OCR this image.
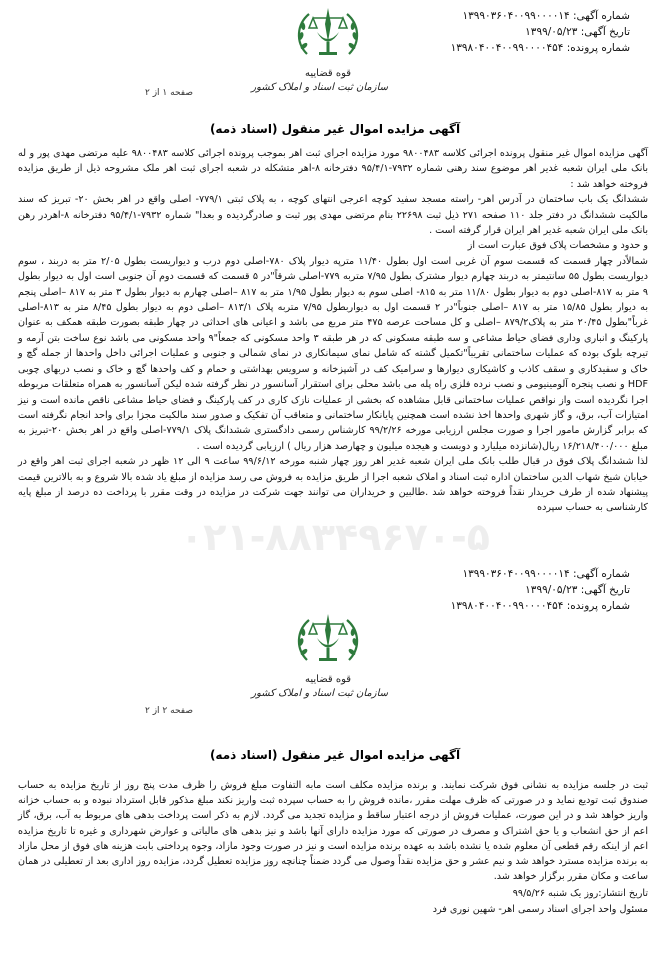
شماره آگهی: ۱۳۹۹۰۳۶۰۴۰۰۹۹۰۰۰۰۱۴
تاریخ آگهی: ۱۳۹۹/۰۵/۲۳
شماره پرونده: ۱۳۹۸۰۴۰۰۴۰۰۹۹۰۰۰۰۴۵۴
قوه قضاییه
سازمان ثبت اسناد و املاک کشور
صفحه ۱ از ۲
آگهی مزایده اموال غیر منقول (اسناد ذمه)
۰۲۱-۸۸۳۴۹۶۷۰-۵

آگهی مزایده اموال غیر منقول پرونده اجرائی کلاسه ۹۸۰۰۴۸۳ مورد مزایده اجرای ثبت اهر بموجب پرونده اجرائی کلاسه ۹۸۰۰۴۸۳ علیه مرتضی مهدی پور و له بانک ملی ایران شعبه غدیر اهر موضوع سند رهنی شماره ۷۹۳۲-۹۵/۴/۱ دفترخانه ۸-اهر متشکله در شعبه اجرای ثبت اهر ملک مشروحه ذیل از طریق مزایده فروخته خواهد شد :

ششدانگ یک باب ساختمان در آدرس اهر- راسته مسجد سفید کوچه اعرجی انتهای کوچه ، به پلاک ثبتی ۷۷۹/۱- اصلی واقع در اهر بخش ۲۰- تبریز که سند مالکیت ششدانگ در دفتر جلد ۱۱۰ صفحه ۲۷۱ ذیل ثبت ۲۲۶۹۸ بنام مرتضی مهدی پور ثبت و صادرگردیده و بعدا" شماره ۷۹۳۲-۹۵/۴/۱ دفترخانه ۸-اهردر رهن بانک ملی ایران شعبه غدیر اهر ایران قرار گرفته است .

و حدود و مشخصات پلاک فوق عبارت است از

شمالاًدر چهار قسمت که قسمت سوم آن غربی است اول بطول ۱۱/۴۰ مترپه دیوار پلاک ۷۸۰-اصلی دوم درب و دیواریست بطول ۲/۰۵ متر به دربند ، سوم دیواریست بطول ۵۵ سانتیمتر به دربند چهارم دیوار مشترک بطول ۷/۹۵ متربه ۷۷۹-اصلی شرقاً"در ۵ قسمت که قسمت دوم آن جنوبی است اول به دیوار بطول ۹ متر به ۸۱۷-اصلی دوم به دیوار بطول ۱۱/۸۰ متر به ۸۱۵- اصلی سوم به دیوار بطول ۱/۹۵ متر به ۸۱۷ –اصلی چهارم به دیوار بطول ۳ متر به ۸۱۷ –اصلی پنجم به دیوار بطول ۱۵/۸۵ متر به ۸۱۷ –اصلی جنوباً"در ۲ قسمت اول به دیواربطول ۷/۹۵ متربه پلاک ۸۱۳/۱ –اصلی دوم به دیوار بطول ۸/۴۵ متر به ۸۱۳-اصلی غرباً"بطول ۲۰/۴۵ متر به پلاک۸۷۹/۲ –اصلی و کل مساحت عرصه ۴۷۵ متر مربع می باشد و اعیانی های احداثی در چهار طبقه بصورت طبقه همکف به عنوان پارکینگ و انباری وداری فضای حیاط مشاعی و سه طبقه مسکونی که در هر طبقه ۳ واحد مسکونی که جمعاً"۹ واحد مسکونی می باشد نوع ساخت بتن آرمه و تیرچه بلوک بوده که عملیات ساختمانی تقریباً"تکمیل گشته که شامل نمای سیمانکاری در نمای شمالی و جنوبی و عملیات اجرائی داخل واحدها از جمله گچ و خاک و سفیدکاری و سقف کاذب و کاشیکاری دیوارها و سرامیک کف در آشپزخانه و سرویس بهداشتی و حمام و کف واحدها گچ و خاک و نصب دربهای چوبی HDF و نصب پنجره آلومینیومی و نصب نرده فلزی راه پله می باشد محلی برای استقرار آسانسور در نظر گرفته شده لیکن آسانسور به همراه متعلقات مربوطه اجرا نگردیده است واز نواقص عملیات ساختمانی قابل مشاهده که بخشی از عملیات نازک کاری در کف پارکینگ و فضای حیاط مشاعی ناقص مانده است و نیز امتیازات آب، برق، و گاز شهری واحدها اخذ نشده است همچنین پایانکار ساختمانی و متعاقب آن تفکیک و صدور سند مالکیت مجزا برای واحد انجام نگرفته است که برابر گزارش مامور اجرا و صورت مجلس ارزیابی مورخه ۹۹/۲/۲۶ کارشناس رسمی دادگستری ششدانگ پلاک ۷۷۹/۱-اصلی واقع در اهر بخش ۲۰-تبریز به مبلغ ۱۶/۲۱۸/۴۰۰/۰۰۰ ریال(شانزده میلیارد و دویست و هیجده میلیون و چهارصد هزار ریال ) ارزیابی گردیده است .

لذا ششدانگ پلاک فوق در قبال طلب بانک ملی ایران شعبه غدیر اهر روز چهار شنبه مورخه ۹۹/۶/۱۲ ساعت ۹ الی ۱۲ ظهر در شعبه اجرای ثبت اهر واقع در خیابان شیخ شهاب الدین ساختمان اداره ثبت اسناد و املاک شعبه اجرا از طریق مزایده به فروش می رسد مزایده از مبلغ یاد شده بالا شروع و به بالاترین قیمت پیشنهاد شده از طرف خریدار نقداً فروخته خواهد شد .طالبین و خریداران می توانند جهت شرکت در مزایده در وقت مقرر با پرداخت ده درصد از مبلغ پایه کارشناسی به حساب سپرده

شماره آگهی: ۱۳۹۹۰۳۶۰۴۰۰۹۹۰۰۰۰۱۴
تاریخ آگهی: ۱۳۹۹/۰۵/۲۳
شماره پرونده: ۱۳۹۸۰۴۰۰۴۰۰۹۹۰۰۰۰۴۵۴
قوه قضاییه
سازمان ثبت اسناد و املاک کشور
صفحه ۲ از ۲
آگهی مزایده اموال غیر منقول (اسناد ذمه)

ثبت در جلسه مزایده به نشانی فوق شرکت نمایند. و برنده مزایده مکلف است مابه التفاوت مبلغ فروش را ظرف مدت پنج روز از تاریخ مزایده به حساب صندوق ثبت تودیع نماید و در صورتی که ظرف مهلت مقرر ،مانده فروش را به حساب سپرده ثبت واریز نکند مبلغ مذکور قابل استرداد نبوده و به حساب خزانه واریز خواهد شد و در این صورت، عملیات فروش از درجه اعتبار ساقط و مزایده تجدید می گردد. لازم به ذکر است پرداخت بدهی های مربوط به آب، برق، گاز اعم از حق انشعاب و یا حق اشتراک و مصرف در صورتی که مورد مزایده دارای آنها باشد و نیز بدهی های مالیاتی و عوارض شهرداری و غیره تا تاریخ مزایده اعم از اینکه رقم قطعی آن معلوم شده یا نشده باشد به عهده برنده مزایده است و نیز در صورت وجود مازاد، وجوه پرداختی بابت هزینه های فوق از محل مازاد به برنده مزایده مسترد خواهد شد و نیم عشر و حق مزایده نقداً وصول می گردد ضمناً چنانچه روز مزایده تعطیل گردد، مزایده روز اداری بعد از تعطیلی در همان ساعت و مکان مقرر برگزار خواهد شد.

تاریخ انتشار:روز یک شنبه ۹۹/۵/۲۶

مسئول واحد اجرای اسناد رسمی اهر- شهین نوری فرد
